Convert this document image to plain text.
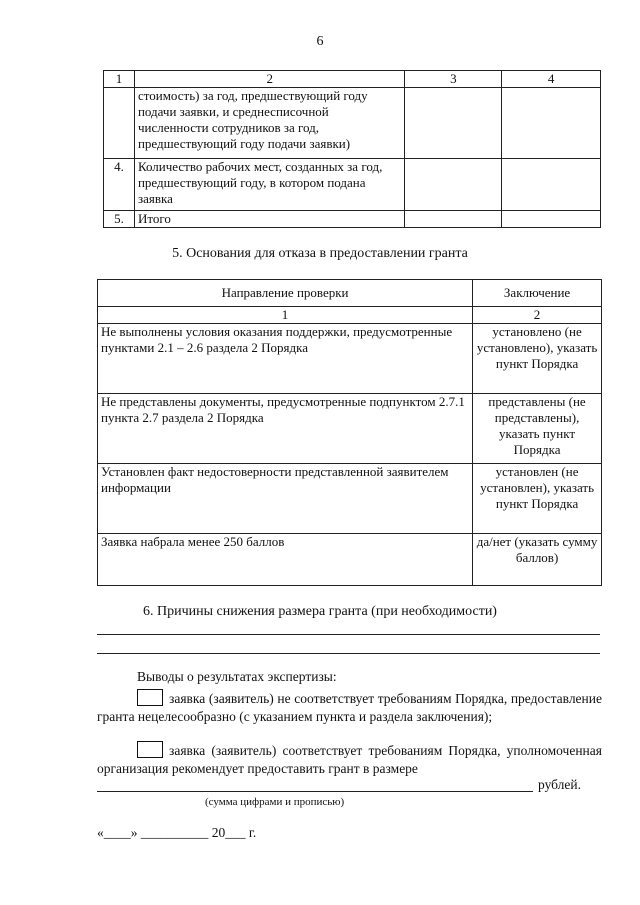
6
1	2	3	4
	стоимость) за год, предшествующий году подачи заявки, и среднесписочной численности сотрудников за год, предшествующий году подачи заявки)		
4.	Количество рабочих мест, созданных за год, предшествующий году, в котором подана заявка		
5.	Итого		
5. Основания для отказа в предоставлении гранта
Направление проверки	Заключение
1	2
Не выполнены условия оказания поддержки, предусмотренные пунктами 2.1 – 2.6 раздела 2 Порядка	установлено (не установлено), указать пункт Порядка
Не представлены документы, предусмотренные подпунктом 2.7.1 пункта 2.7 раздела 2 Порядка	представлены (не представлены), указать пункт Порядка
Установлен факт недостоверности представленной заявителем информации	установлен (не установлен), указать пункт Порядка
Заявка набрала менее 250 баллов	да/нет (указать сумму баллов)
6. Причины снижения размера гранта (при необходимости)
Выводы о результатах экспертизы:
заявка (заявитель) не соответствует требованиям Порядка, предоставление гранта нецелесообразно (с указанием пункта и раздела заключения);
заявка (заявитель) соответствует требованиям Порядка, уполномоченная организация рекомендует предоставить грант в размере
рублей.
(сумма цифрами и прописью)
«____» __________ 20___ г.
